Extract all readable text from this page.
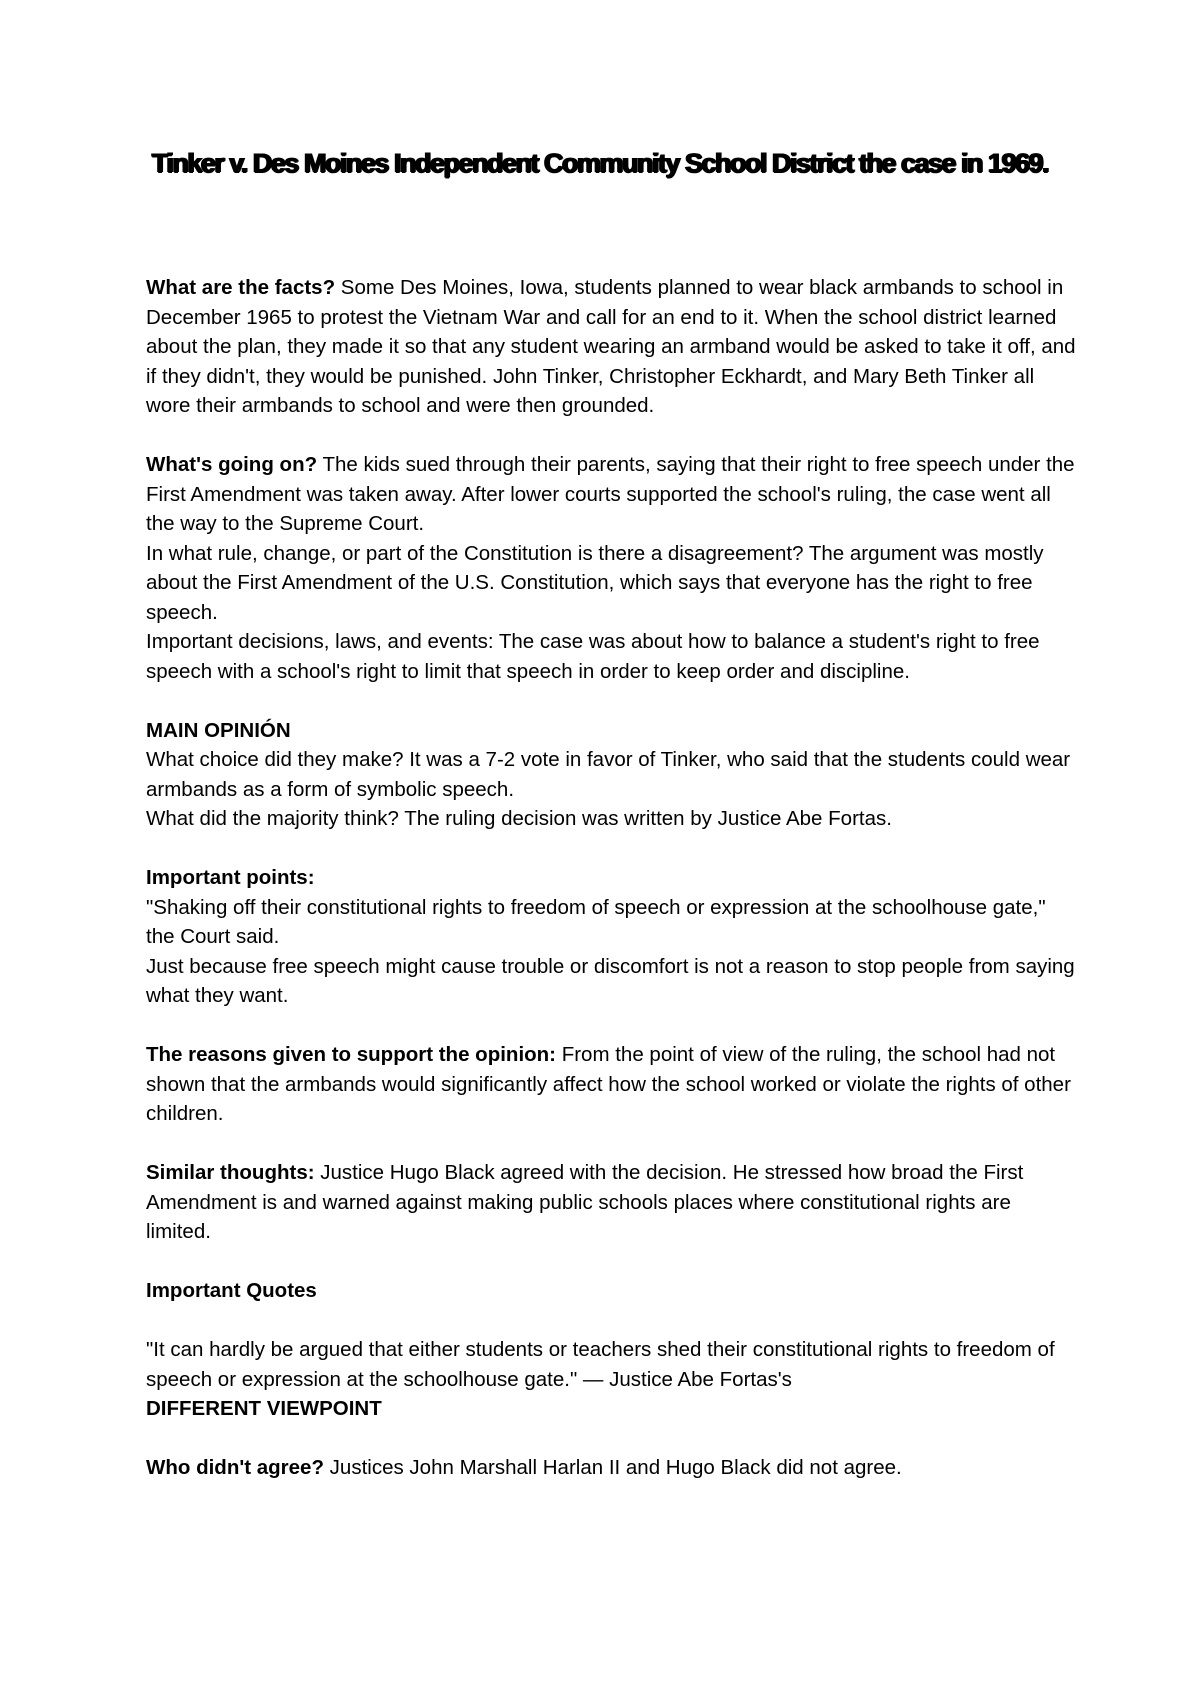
Tinker v. Des Moines Independent Community School District the case in 1969.

What are the facts? Some Des Moines, Iowa, students planned to wear black armbands to school in December 1965 to protest the Vietnam War and call for an end to it. When the school district learned about the plan, they made it so that any student wearing an armband would be asked to take it off, and if they didn't, they would be punished. John Tinker, Christopher Eckhardt, and Mary Beth Tinker all wore their armbands to school and were then grounded.

What's going on? The kids sued through their parents, saying that their right to free speech under the First Amendment was taken away. After lower courts supported the school's ruling, the case went all the way to the Supreme Court.

In what rule, change, or part of the Constitution is there a disagreement? The argument was mostly about the First Amendment of the U.S. Constitution, which says that everyone has the right to free speech.

Important decisions, laws, and events: The case was about how to balance a student's right to free speech with a school's right to limit that speech in order to keep order and discipline.

MAIN OPINIÓN

What choice did they make? It was a 7-2 vote in favor of Tinker, who said that the students could wear armbands as a form of symbolic speech.

What did the majority think? The ruling decision was written by Justice Abe Fortas.

Important points:

"Shaking off their constitutional rights to freedom of speech or expression at the schoolhouse gate," the Court said.

Just because free speech might cause trouble or discomfort is not a reason to stop people from saying what they want.

The reasons given to support the opinion: From the point of view of the ruling, the school had not shown that the armbands would significantly affect how the school worked or violate the rights of other children.

Similar thoughts: Justice Hugo Black agreed with the decision. He stressed how broad the First Amendment is and warned against making public schools places where constitutional rights are limited.

Important Quotes

"It can hardly be argued that either students or teachers shed their constitutional rights to freedom of speech or expression at the schoolhouse gate." — Justice Abe Fortas's

DIFFERENT VIEWPOINT

Who didn't agree? Justices John Marshall Harlan II and Hugo Black did not agree.
